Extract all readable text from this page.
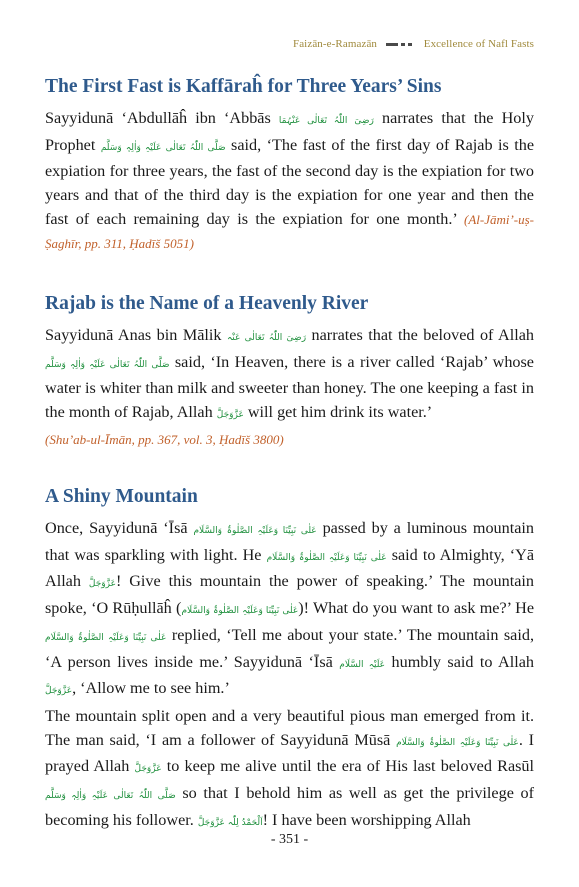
Faizān-e-Ramazān	Excellence of Nafl Fasts
The First Fast is Kaffāraĥ for Three Years’ Sins

Sayyidunā ‘Abdullāĥ ibn ‘Abbās رَضِیَ اللّٰہُ تَعَالٰی عَنْہُمَا narrates that the Holy Prophet صَلَّی اللّٰہُ تَعَالٰی عَلَیْہِ وَاٰلِہٖ وَسَلَّم said, ‘The fast of the first day of Rajab is the expiation for three years, the fast of the second day is the expiation for two years and that of the third day is the expiation for one year and then the fast of each remaining day is the expiation for one month.’ (Al-Jāmi’-uṣ-Ṣaghīr, pp. 311, Ḥadīš 5051)

Rajab is the Name of a Heavenly River

Sayyidunā Anas bin Mālik رَضِیَ اللّٰہُ تَعَالٰی عَنْہ narrates that the beloved of Allah صَلَّی اللّٰہُ تَعَالٰی عَلَیْہِ وَاٰلِہٖ وَسَلَّم said, ‘In Heaven, there is a river called ‘Rajab’ whose water is whiter than milk and sweeter than honey. The one keeping a fast in the month of Rajab, Allah عَزَّوَجَلَّ will get him drink its water.’
(Shu’ab-ul-Īmān, pp. 367, vol. 3, Ḥadīš 3800)

A Shiny Mountain

Once, Sayyidunā ‘Īsā عَلٰی نَبِیِّنَا وَعَلَیْہِ الصَّلٰوۃُ وَالسَّلَام passed by a luminous mountain that was sparkling with light. He عَلٰی نَبِیِّنَا وَعَلَیْہِ الصَّلٰوۃُ وَالسَّلَام said to Almighty, ‘Yā Allah عَزَّوَجَلَّ! Give this mountain the power of speaking.’ The mountain spoke, ‘O Rūḥullāĥ (عَلٰی نَبِیِّنَا وَعَلَیْہِ الصَّلٰوۃُ وَالسَّلَام)! What do you want to ask me?’ He عَلٰی نَبِیِّنَا وَعَلَیْہِ الصَّلٰوۃُ وَالسَّلَام replied, ‘Tell me about your state.’ The mountain said, ‘A person lives inside me.’ Sayyidunā ‘Īsā عَلَیْہِ السَّلَام humbly said to Allah عَزَّوَجَلَّ, ‘Allow me to see him.’

The mountain split open and a very beautiful pious man emerged from it. The man said, ‘I am a follower of Sayyidunā Mūsā عَلٰی نَبِیِّنَا وَعَلَیْہِ الصَّلٰوۃُ وَالسَّلَام. I prayed Allah عَزَّوَجَلَّ to keep me alive until the era of His last beloved Rasūl صَلَّی اللّٰہُ تَعَالٰی عَلَیْہِ وَاٰلِہٖ وَسَلَّم so that I behold him as well as get the privilege of becoming his follower. اَلْحَمْدُ لِلّٰہ عَزَّوَجَلَّ! I have been worshipping Allah

- 351 -
